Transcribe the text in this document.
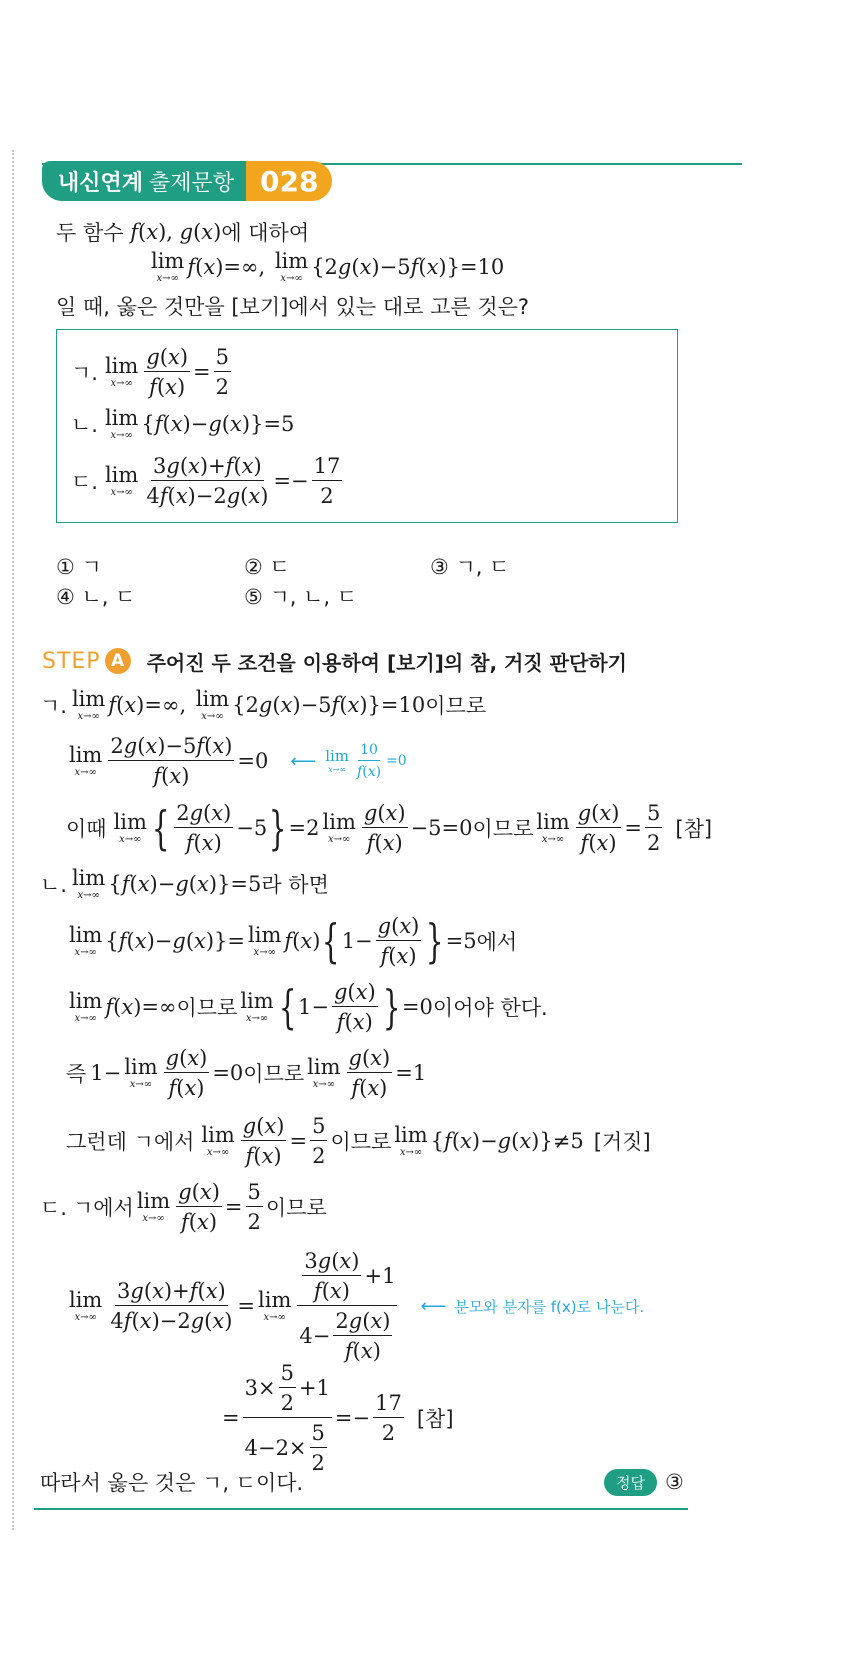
내신연계 출제문항 028
두 함수
f ( x ), g ( x ) 에 대하여
lim
x→∞ f ( x )=∞, lim
x→∞ {2 g ( x )−5 f ( x )}=10
일 때, 옳은 것만을 [보기]에서 있는 대로 고른 것은?
ㄱ. lim
$x\to\infty \frac{g(x)}{f(x)} = \frac{5}{2}$
ㄴ. lim
x→∞ { f ( x )− g ( x )}=5
ㄷ. lim
$x\to\infty \frac{3g(x)+f(x)}{4f(x)-2g(x)} =- \frac{17}{2}$
① ㄱ	② ㄷ	③ ㄱ, ㄷ
④ ㄴ, ㄷ	⑤ ㄱ, ㄴ, ㄷ
STEP A	주어진 두 조건을 이용하여 [보기]의 참, 거짓 판단하기
ㄱ. lim
x→∞ f ( x )=∞, lim
x→∞ {2 g ( x )−5 f ( x )}=10 이므로
lim
$x\to\infty \frac{2g(x)-5f(x)}{f(x)} =0$ ⟵ lim
$x\to\infty \frac{10}{f(x)} =0$
이때 lim
x→∞ { 2g(x)
f(x)
−5 } =2 lim
x→∞
g(x)
f(x)
−5=0 이므로 lim
$x\to\infty \frac{g(x)}{f(x)} = \frac{5}{2}$ [참]
ㄴ. lim
x→∞ { f ( x )− g ( x )}=5 라 하면
lim
x→∞ { f ( x )− g ( x )}= lim
x→∞ f ( x ) { $1- \frac{g(x)}{f(x)}$ } =5 에서
lim
x→∞ f ( x )=∞ 이므로 lim
x→∞ { $1- \frac{g(x)}{f(x)}$ } =0 이어야 한다.
즉 1− lim
$x\to\infty \frac{g(x)}{f(x)} =0$ 이므로 lim
$x\to\infty \frac{g(x)}{f(x)} =1$
그런데 ㄱ에서 lim
$x\to\infty \frac{g(x)}{f(x)} = \frac{5}{2}$ 이므로 lim
x→∞ { f ( x )− g ( x )}≠5 [거짓]
ㄷ. ㄱ에서 lim
$x\to\infty \frac{g(x)}{f(x)} = \frac{5}{2}$ 이므로
lim
$x\to\infty \frac{3g(x)+f(x)}{4f(x)-2g(x)} = \lim$
x→∞
3g(x)
f(x)
+1
$4- \frac{2g(x)}{f(x)}$
⟵ 분모와 분자를 f(x)로 나눈다.
= $\frac{3\times \frac{5}{2} +1}{4-2\times \frac{5}{2}} =- \frac{17}{2}$ [참]
따라서 옳은 것은 ㄱ, ㄷ이다.	정답 ③
